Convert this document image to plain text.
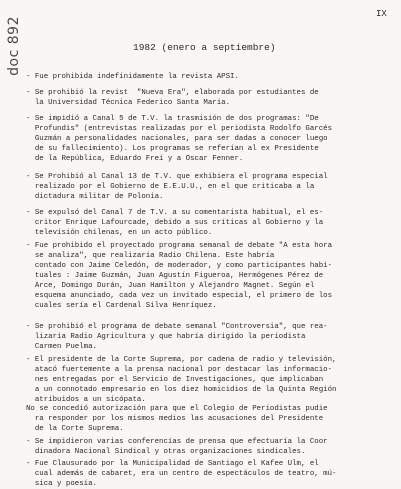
doc 892
IX
1982 (enero a septiembre)
- Fue prohibida indefinidamente la revista APSI.
- Se prohibió la revist  "Nueva Era", elaborada por estudiantes de
la Universidad Técnica Federico Santa María.
- Se impidió a Canal 5 de T.V. la trasmisión de dos programas: "De
Profundis" (entrevistas realizadas por el periodista Rodolfo Garcés
Guzmán a personalidades nacionales, para ser dadas a conocer luego
de su fallecimiento). Los programas se referían al ex Presidente
de la República, Eduardo Frei y a Oscar Fenner.
- Se Prohibió al Canal 13 de T.V. que exhibiera el programa especial
realizado por el Gobierno de E.E.U.U., en el que criticaba a la
dictadura militar de Polonia.
- Se expulsó del Canal 7 de T.V. a su comentarista habitual, el es-
critor Enrique Lafourcade, debido a sus críticas al Gobierno y la
televisión chilenas, en un acto público.
- Fue prohibido el proyectado programa semanal de debate "A esta hora
se analiza", que realizaría Radio Chilena. Este habría
contado con Jaime Celedón, de moderador, y como participantes habi-
tuales : Jaime Guzmán, Juan Agustín Figueroa, Hermógenes Pérez de
Arce, Domingo Durán, Juan Hamilton y Alejandro Magnet. Según el
esquema anunciado, cada vez un invitado especial, el primero de los
cuales sería el Cardenal Silva Henríquez.
- Se prohibió el programa de debate semanal "Controversia", que rea-
lizaría Radio Agricultura y que habría dirigido la periodista
Carmen Puelma.
- El presidente de la Corte Suprema, por cadena de radio y televisión,
atacó fuertemente a la prensa nacional por destacar las informacio-
nes entregadas por el Servicio de Investigaciones, que implicaban
a un connotado empresario en los diez homicidios de la Quinta Región
atribuidos a un sicópata.
No se concedió autorización para que el Colegio de Periodistas pudie
ra responder por los mismos medios las acusaciones del Presidente
de la Corte Suprema.
- Se impidieron varias conferencias de prensa que efectuaría la Coor
dinadora Nacional Sindical y otras organizaciones sindicales.
- Fue Clausurado por la Municipalidad de Santiago el Kafee Ulm, el
cual además de cabaret, era un centro de espectáculos de teatro, mú-
sica y poesía.
